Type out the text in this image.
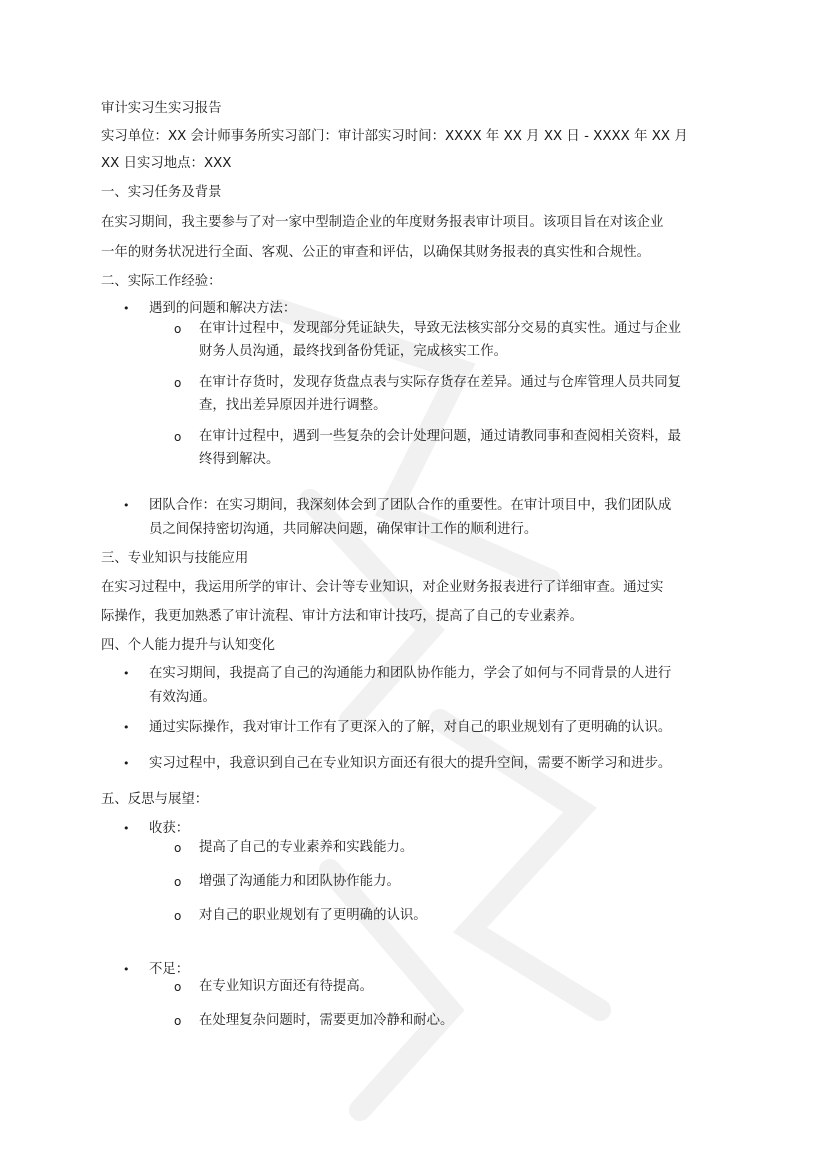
审计实习生实习报告
实习单位：XX 会计师事务所实习部门：审计部实习时间：XXXX 年 XX 月 XX 日 - XXXX 年 XX 月
XX 日实习地点：XXX
一、实习任务及背景
在实习期间，我主要参与了对一家中型制造企业的年度财务报表审计项目。该项目旨在对该企业
一年的财务状况进行全面、客观、公正的审查和评估，以确保其财务报表的真实性和合规性。
二、实际工作经验：
• 遇到的问题和解决方法：
o 在审计过程中，发现部分凭证缺失，导致无法核实部分交易的真实性。通过与企业
财务人员沟通，最终找到备份凭证，完成核实工作。
o 在审计存货时，发现存货盘点表与实际存货存在差异。通过与仓库管理人员共同复
查，找出差异原因并进行调整。
o 在审计过程中，遇到一些复杂的会计处理问题，通过请教同事和查阅相关资料，最
终得到解决。
• 团队合作：在实习期间，我深刻体会到了团队合作的重要性。在审计项目中，我们团队成
员之间保持密切沟通，共同解决问题，确保审计工作的顺利进行。
三、专业知识与技能应用
在实习过程中，我运用所学的审计、会计等专业知识，对企业财务报表进行了详细审查。通过实
际操作，我更加熟悉了审计流程、审计方法和审计技巧，提高了自己的专业素养。
四、个人能力提升与认知变化
• 在实习期间，我提高了自己的沟通能力和团队协作能力，学会了如何与不同背景的人进行
有效沟通。
• 通过实际操作，我对审计工作有了更深入的了解，对自己的职业规划有了更明确的认识。
• 实习过程中，我意识到自己在专业知识方面还有很大的提升空间，需要不断学习和进步。
五、反思与展望：
• 收获：
o 提高了自己的专业素养和实践能力。
o 增强了沟通能力和团队协作能力。
o 对自己的职业规划有了更明确的认识。
• 不足：
o 在专业知识方面还有待提高。
o 在处理复杂问题时，需要更加冷静和耐心。
